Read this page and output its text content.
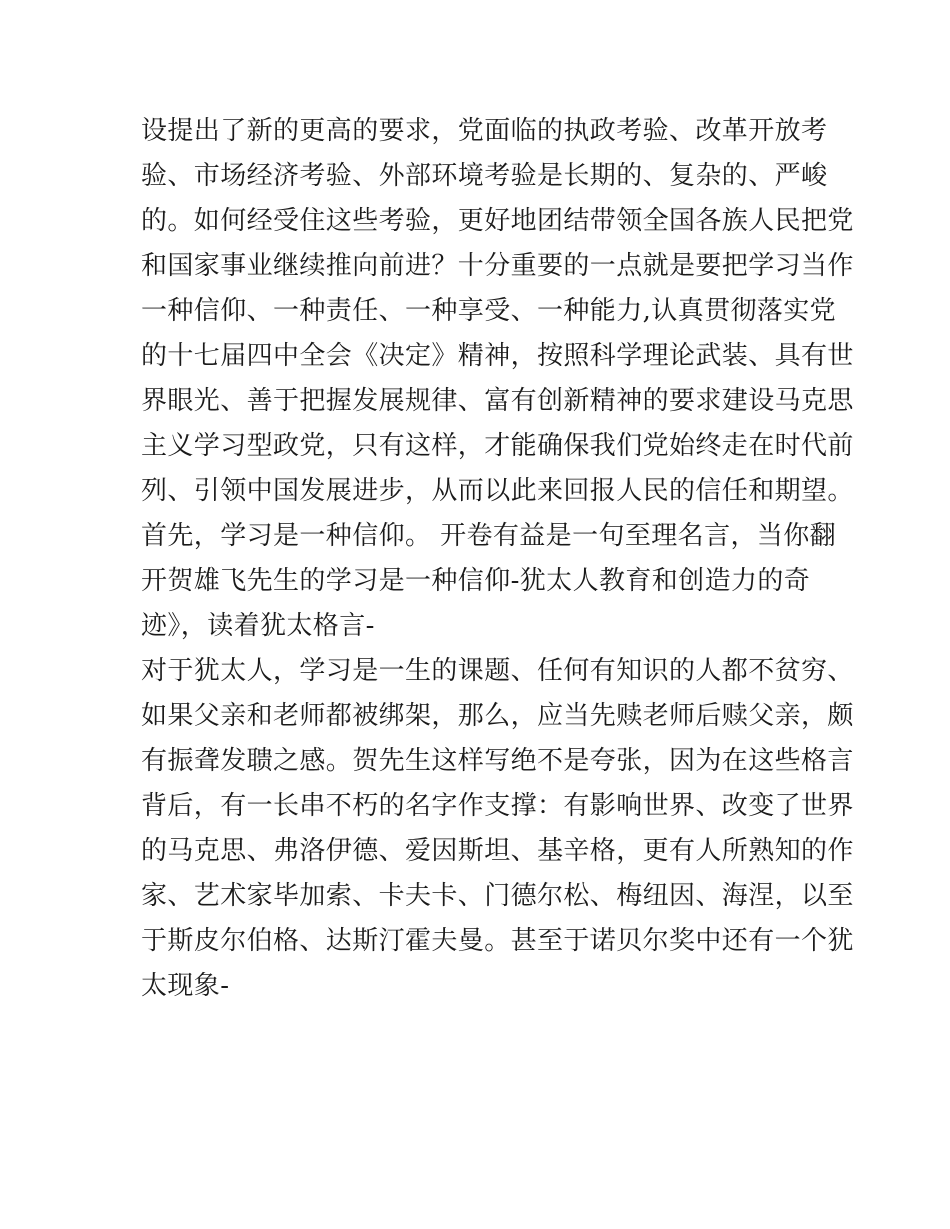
设提出了新的更高的要求，党面临的执政考验、改革开放考
验、市场经济考验、外部环境考验是长期的、复杂的、严峻
的。如何经受住这些考验，更好地团结带领全国各族人民把党
和国家事业继续推向前进？十分重要的一点就是要把学习当作
一种信仰、一种责任、一种享受、一种能力,认真贯彻落实党
的十七届四中全会《决定》精神，按照科学理论武装、具有世
界眼光、善于把握发展规律、富有创新精神的要求建设马克思
主义学习型政党，只有这样，才能确保我们党始终走在时代前
列、引领中国发展进步，从而以此来回报人民的信任和期望。
首先，学习是一种信仰。 开卷有益是一句至理名言，当你翻
开贺雄飞先生的学习是一种信仰-犹太人教育和创造力的奇
迹》，读着犹太格言-
对于犹太人，学习是一生的课题、任何有知识的人都不贫穷、
如果父亲和老师都被绑架，那么，应当先赎老师后赎父亲，颇
有振聋发聩之感。贺先生这样写绝不是夸张，因为在这些格言
背后，有一长串不朽的名字作支撑：有影响世界、改变了世界
的马克思、弗洛伊德、爱因斯坦、基辛格，更有人所熟知的作
家、艺术家毕加索、卡夫卡、门德尔松、梅纽因、海涅，以至
于斯皮尔伯格、达斯汀霍夫曼。甚至于诺贝尔奖中还有一个犹
太现象-
